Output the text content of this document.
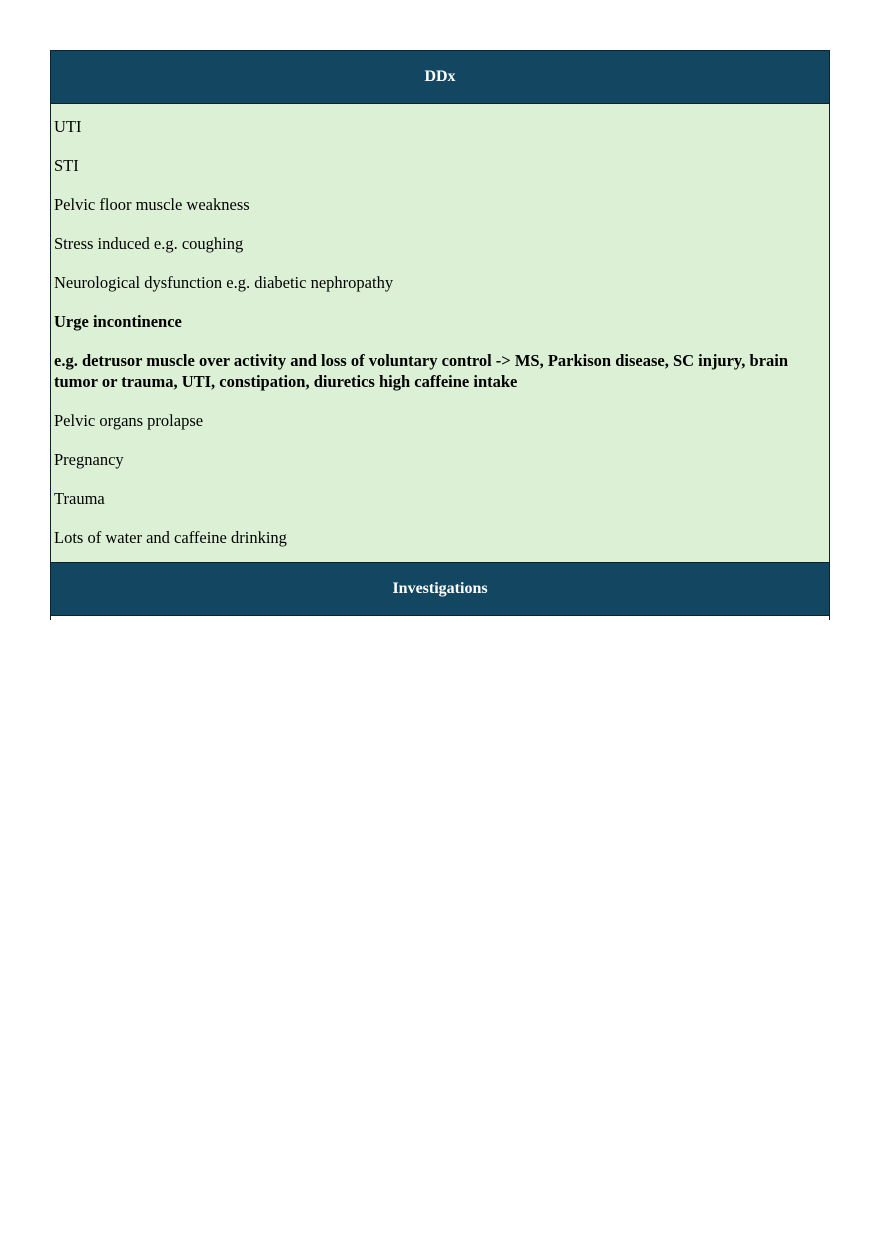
DDx
UTI
STI
Pelvic floor muscle weakness
Stress induced e.g. coughing
Neurological dysfunction e.g. diabetic nephropathy
Urge incontinence
e.g. detrusor muscle over activity and loss of voluntary control -> MS, Parkison disease, SC injury, brain tumor or trauma, UTI, constipation, diuretics high caffeine intake
Pelvic organs prolapse
Pregnancy
Trauma
Lots of water and caffeine drinking
Investigations
